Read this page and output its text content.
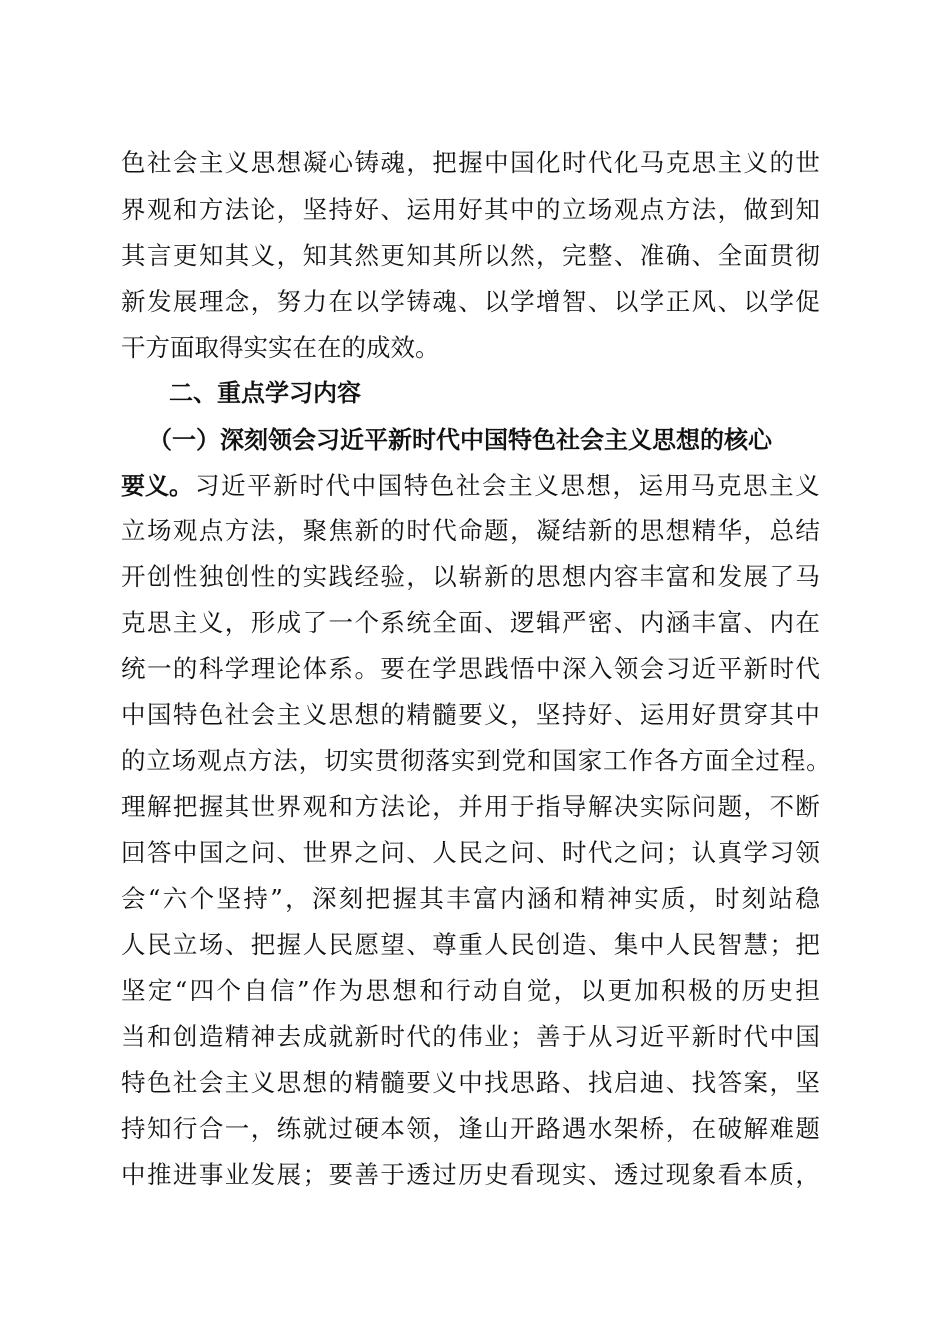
色 社 会 主 义 思 想 凝 心 铸 魂 ， 把 握 中 国 化 时 代 化 马 克 思 主 义 的 世
界 观 和 方 法 论 ， 坚 持 好 、 运 用 好 其 中 的 立 场 观 点 方 法 ， 做 到 知
其 言 更 知 其 义 ， 知 其 然 更 知 其 所 以 然 ， 完 整 、 准 确 、 全 面 贯 彻
新 发 展 理 念 ， 努 力 在 以 学 铸 魂 、 以 学 增 智 、 以 学 正 风 、 以 学 促
干方面取得实实在在的成效。
二、重点学习内容
（一）深刻领会习近平新时代中国特色社会主义思想的核心
要义。 习 近 平 新 时 代 中 国 特 色 社 会 主 义 思 想 ， 运 用 马 克 思 主 义
立 场 观 点 方 法 ， 聚 焦 新 的 时 代 命 题 ， 凝 结 新 的 思 想 精 华 ， 总 结
开 创 性 独 创 性 的 实 践 经 验 ， 以 崭 新 的 思 想 内 容 丰 富 和 发 展 了 马
克 思 主 义 ， 形 成 了 一 个 系 统 全 面 、 逻 辑 严 密 、 内 涵 丰 富 、 内 在
统 一 的 科 学 理 论 体 系 。 要 在 学 思 践 悟 中 深 入 领 会 习 近 平 新 时 代
中 国 特 色 社 会 主 义 思 想 的 精 髓 要 义 ， 坚 持 好 、 运 用 好 贯 穿 其 中
的 立 场 观 点 方 法 ， 切 实 贯 彻 落 实 到 党 和 国 家 工 作 各 方 面 全 过 程 。
理 解 把 握 其 世 界 观 和 方 法 论 ， 并 用 于 指 导 解 决 实 际 问 题 ， 不 断
回 答 中 国 之 问 、 世 界 之 问 、 人 民 之 问 、 时 代 之 问 ； 认 真 学 习 领
会 “ 六 个 坚 持 ” ， 深 刻 把 握 其 丰 富 内 涵 和 精 神 实 质 ， 时 刻 站 稳
人 民 立 场 、 把 握 人 民 愿 望 、 尊 重 人 民 创 造 、 集 中 人 民 智 慧 ； 把
坚 定 “ 四 个 自 信 ” 作 为 思 想 和 行 动 自 觉 ， 以 更 加 积 极 的 历 史 担
当 和 创 造 精 神 去 成 就 新 时 代 的 伟 业 ； 善 于 从 习 近 平 新 时 代 中 国
特 色 社 会 主 义 思 想 的 精 髓 要 义 中 找 思 路 、 找 启 迪 、 找 答 案 ， 坚
持 知 行 合 一 ， 练 就 过 硬 本 领 ， 逢 山 开 路 遇 水 架 桥 ， 在 破 解 难 题
中 推 进 事 业 发 展 ； 要 善 于 透 过 历 史 看 现 实 、 透 过 现 象 看 本 质 ，
